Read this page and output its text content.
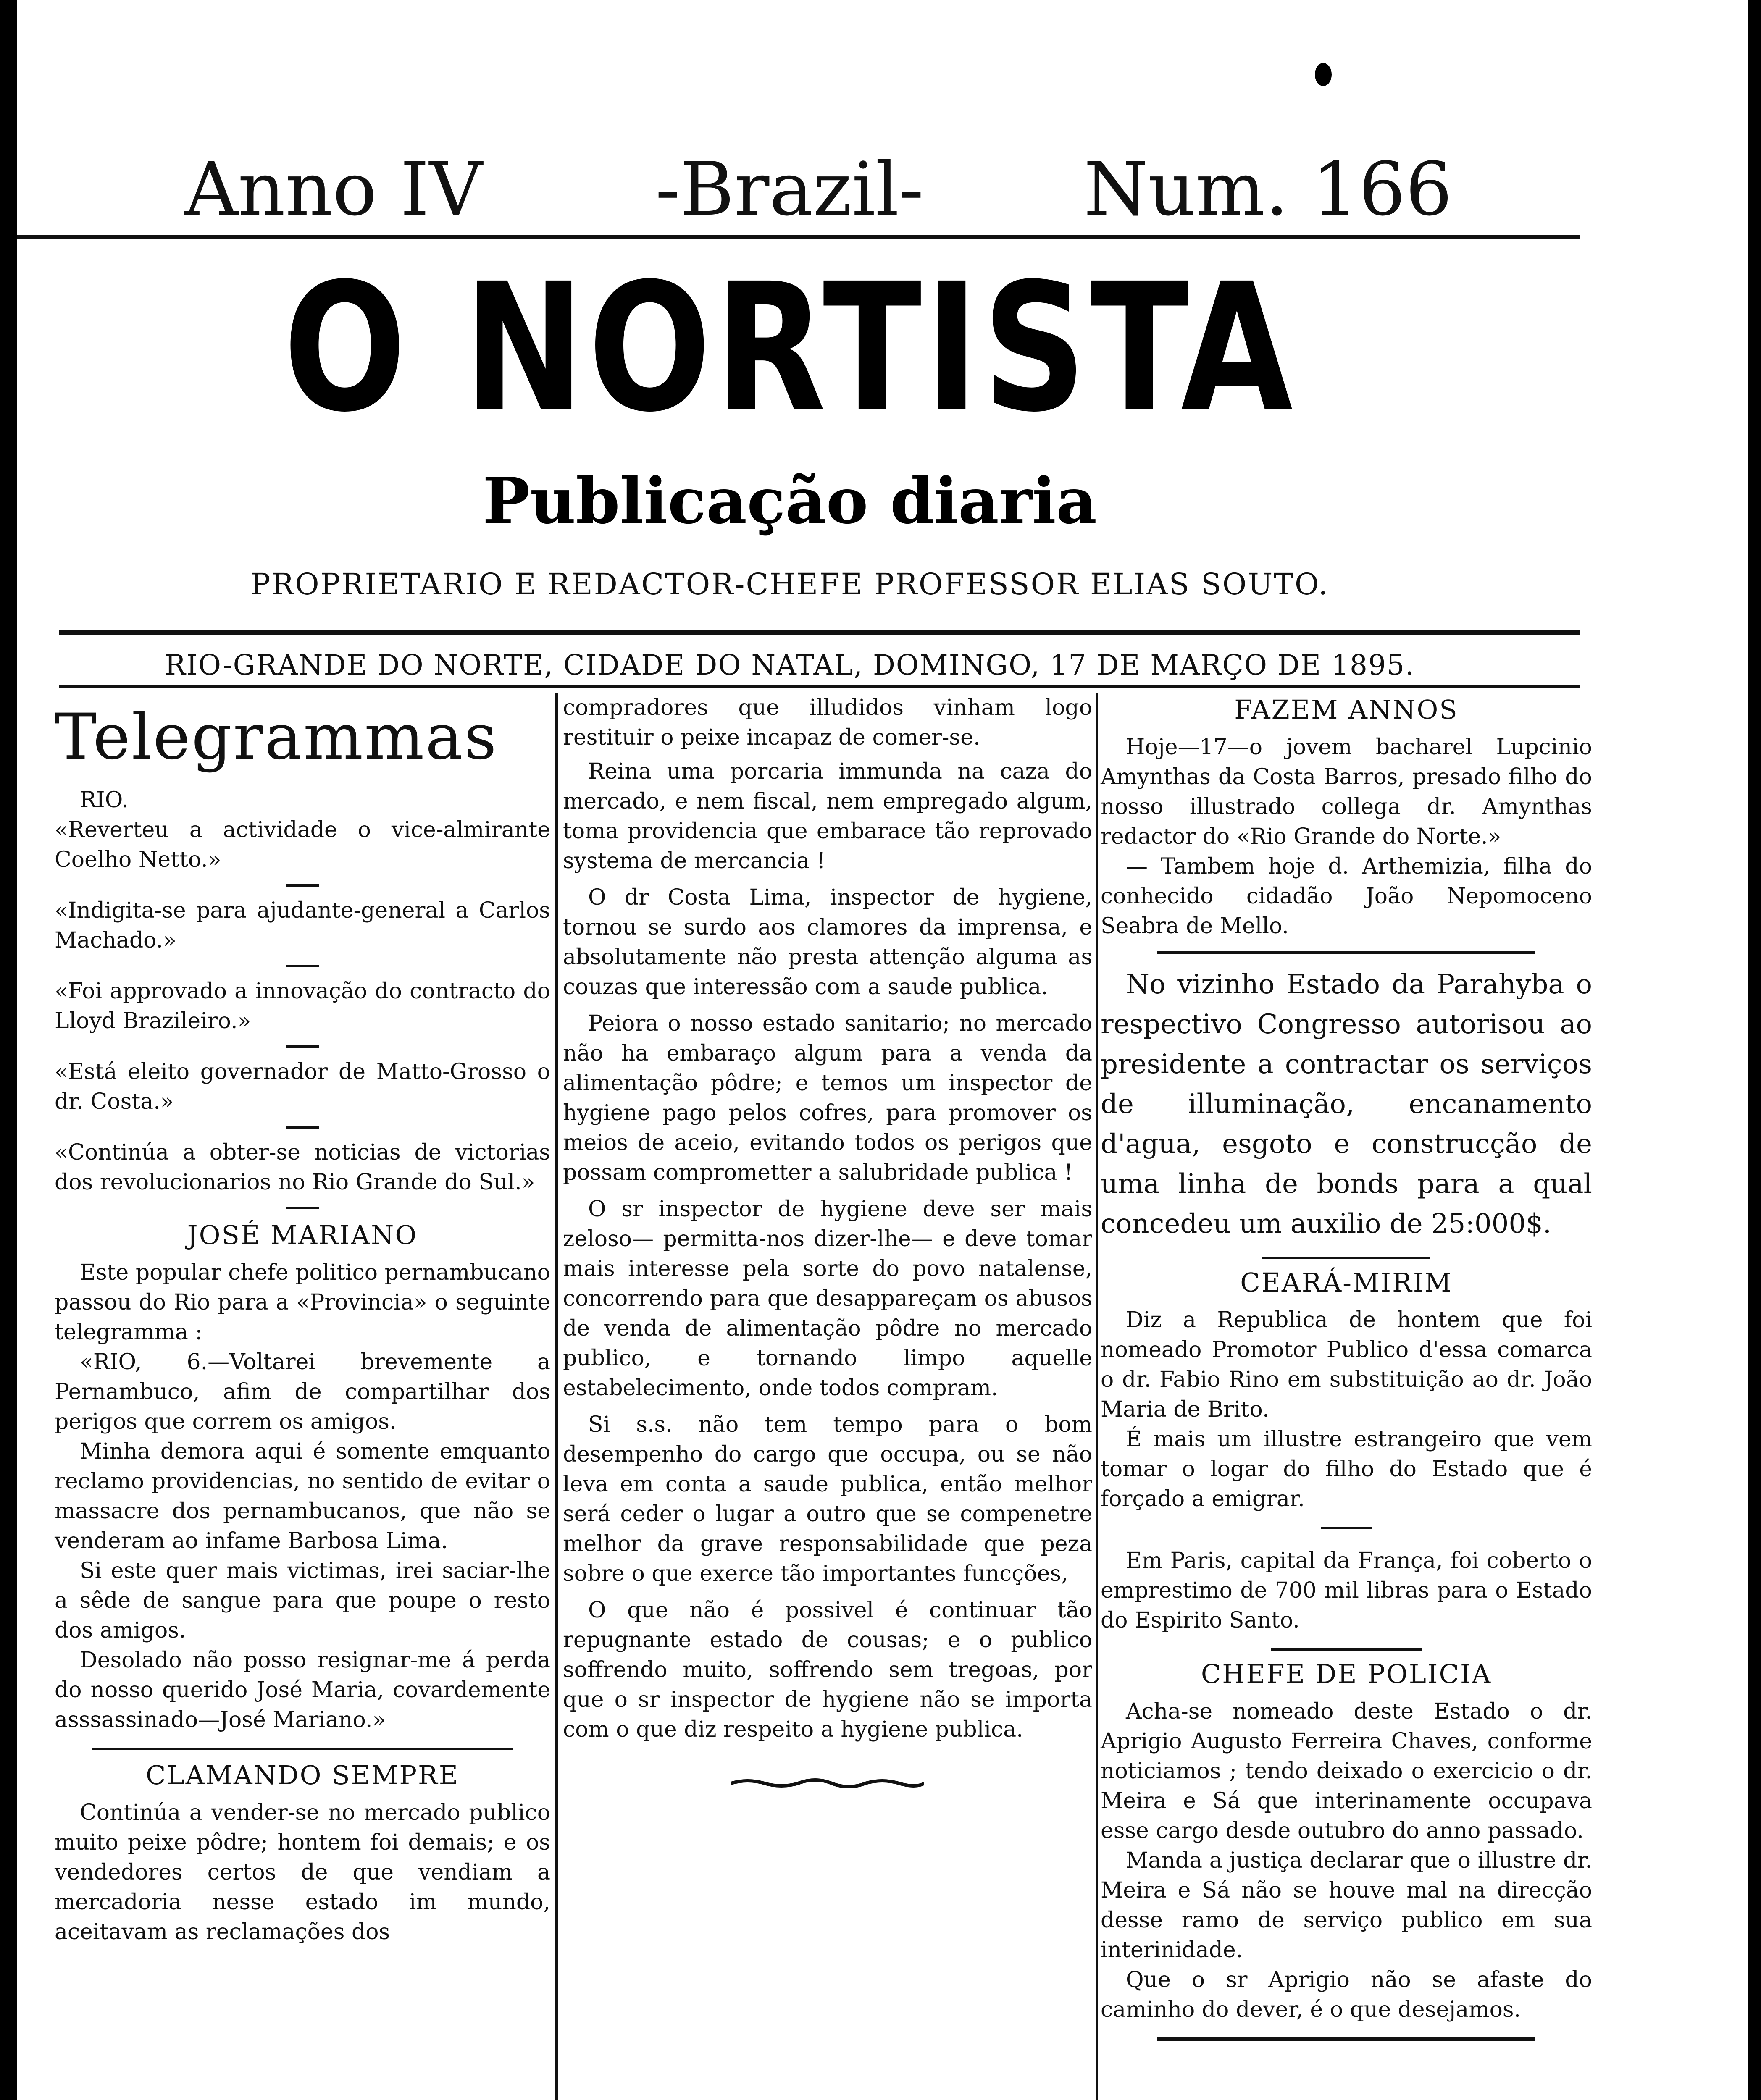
Anno IV -Brazil- Num. 166
O NORTISTA
Publicação diaria
PROPRIETARIO E REDACTOR-CHEFE PROFESSOR ELIAS SOUTO.
RIO-GRANDE DO NORTE, CIDADE DO NATAL, DOMINGO, 17 DE MARÇO DE 1895.
Telegrammas

RIO.

«Reverteu a actividade o vice-almirante Coelho Netto.»

«Indigita-se para ajudante-general a Carlos Machado.»

«Foi approvado a innovação do contracto do Lloyd Brazileiro.»

«Está eleito governador de Matto-Grosso o dr. Costa.»

«Continúa a obter-se noticias de victorias dos revolucionarios no Rio Grande do Sul.»

JOSÉ MARIANO

Este popular chefe politico pernambucano passou do Rio para a «Provincia» o seguinte telegramma :

«RIO, 6.—Voltarei brevemente a Pernambuco, afim de compartilhar dos perigos que correm os amigos.

Minha demora aqui é somente emquanto reclamo providencias, no sentido de evitar o massacre dos pernambucanos, que não se venderam ao infame Barbosa Lima.

Si este quer mais victimas, irei saciar-lhe a sêde de sangue para que poupe o resto dos amigos.

Desolado não posso resignar-me á perda do nosso querido José Maria, covardemente asssassinado—José Mariano.»

CLAMANDO SEMPRE

Continúa a vender-se no mercado publico muito peixe pôdre; hontem foi demais; e os vendedores certos de que vendiam a mercadoria nesse estado im mundo, aceitavam as reclamações dos

compradores que illudidos vinham logo restituir o peixe incapaz de comer-se.

Reina uma porcaria immunda na caza do mercado, e nem fiscal, nem empregado algum, toma providencia que embarace tão reprovado systema de mercancia !

O dr Costa Lima, inspector de hygiene, tornou se surdo aos clamores da imprensa, e absolutamente não presta attenção alguma as couzas que interessão com a saude publica.

Peiora o nosso estado sanitario; no mercado não ha embaraço algum para a venda da alimentação pôdre; e temos um inspector de hygiene pago pelos cofres, para promover os meios de aceio, evitando todos os perigos que possam comprometter a salubridade publica !

O sr inspector de hygiene deve ser mais zeloso— permitta-nos dizer-lhe— e deve tomar mais interesse pela sorte do povo natalense, concorrendo para que desappareçam os abusos de venda de alimentação pôdre no mercado publico, e tornando limpo aquelle estabelecimento, onde todos compram.

Si s.s. não tem tempo para o bom desempenho do cargo que occupa, ou se não leva em conta a saude publica, então melhor será ceder o lugar a outro que se compenetre melhor da grave responsabilidade que peza sobre o que exerce tão importantes funcções,

O que não é possivel é continuar tão repugnante estado de cousas; e o publico soffrendo muito, soffrendo sem tregoas, por que o sr inspector de hygiene não se importa com o que diz respeito a hygiene publica.

FAZEM ANNOS

Hoje—17—o jovem bacharel Lupcinio Amynthas da Costa Barros, presado filho do nosso illustrado collega dr. Amynthas redactor do «Rio Grande do Norte.»

— Tambem hoje d. Arthemizia, filha do conhecido cidadão João Nepomoceno Seabra de Mello.

No vizinho Estado da Parahyba o respectivo Congresso autorisou ao presidente a contractar os serviços de illuminação, encanamento d'agua, esgoto e construcção de uma linha de bonds para a qual concedeu um auxilio de 25:000$.

CEARÁ-MIRIM

Diz a Republica de hontem que foi nomeado Promotor Publico d'essa comarca o dr. Fabio Rino em substituição ao dr. João Maria de Brito.

É mais um illustre estrangeiro que vem tomar o logar do filho do Estado que é forçado a emigrar.

Em Paris, capital da França, foi coberto o emprestimo de 700 mil libras para o Estado do Espirito Santo.

CHEFE DE POLICIA

Acha-se nomeado deste Estado o dr. Aprigio Augusto Ferreira Chaves, conforme noticiamos ; tendo deixado o exercicio o dr. Meira e Sá que interinamente occupava esse cargo desde outubro do anno passado.

Manda a justiça declarar que o illustre dr. Meira e Sá não se houve mal na direcção desse ramo de serviço publico em sua interinidade.

Que o sr Aprigio não se afaste do caminho do dever, é o que desejamos.
